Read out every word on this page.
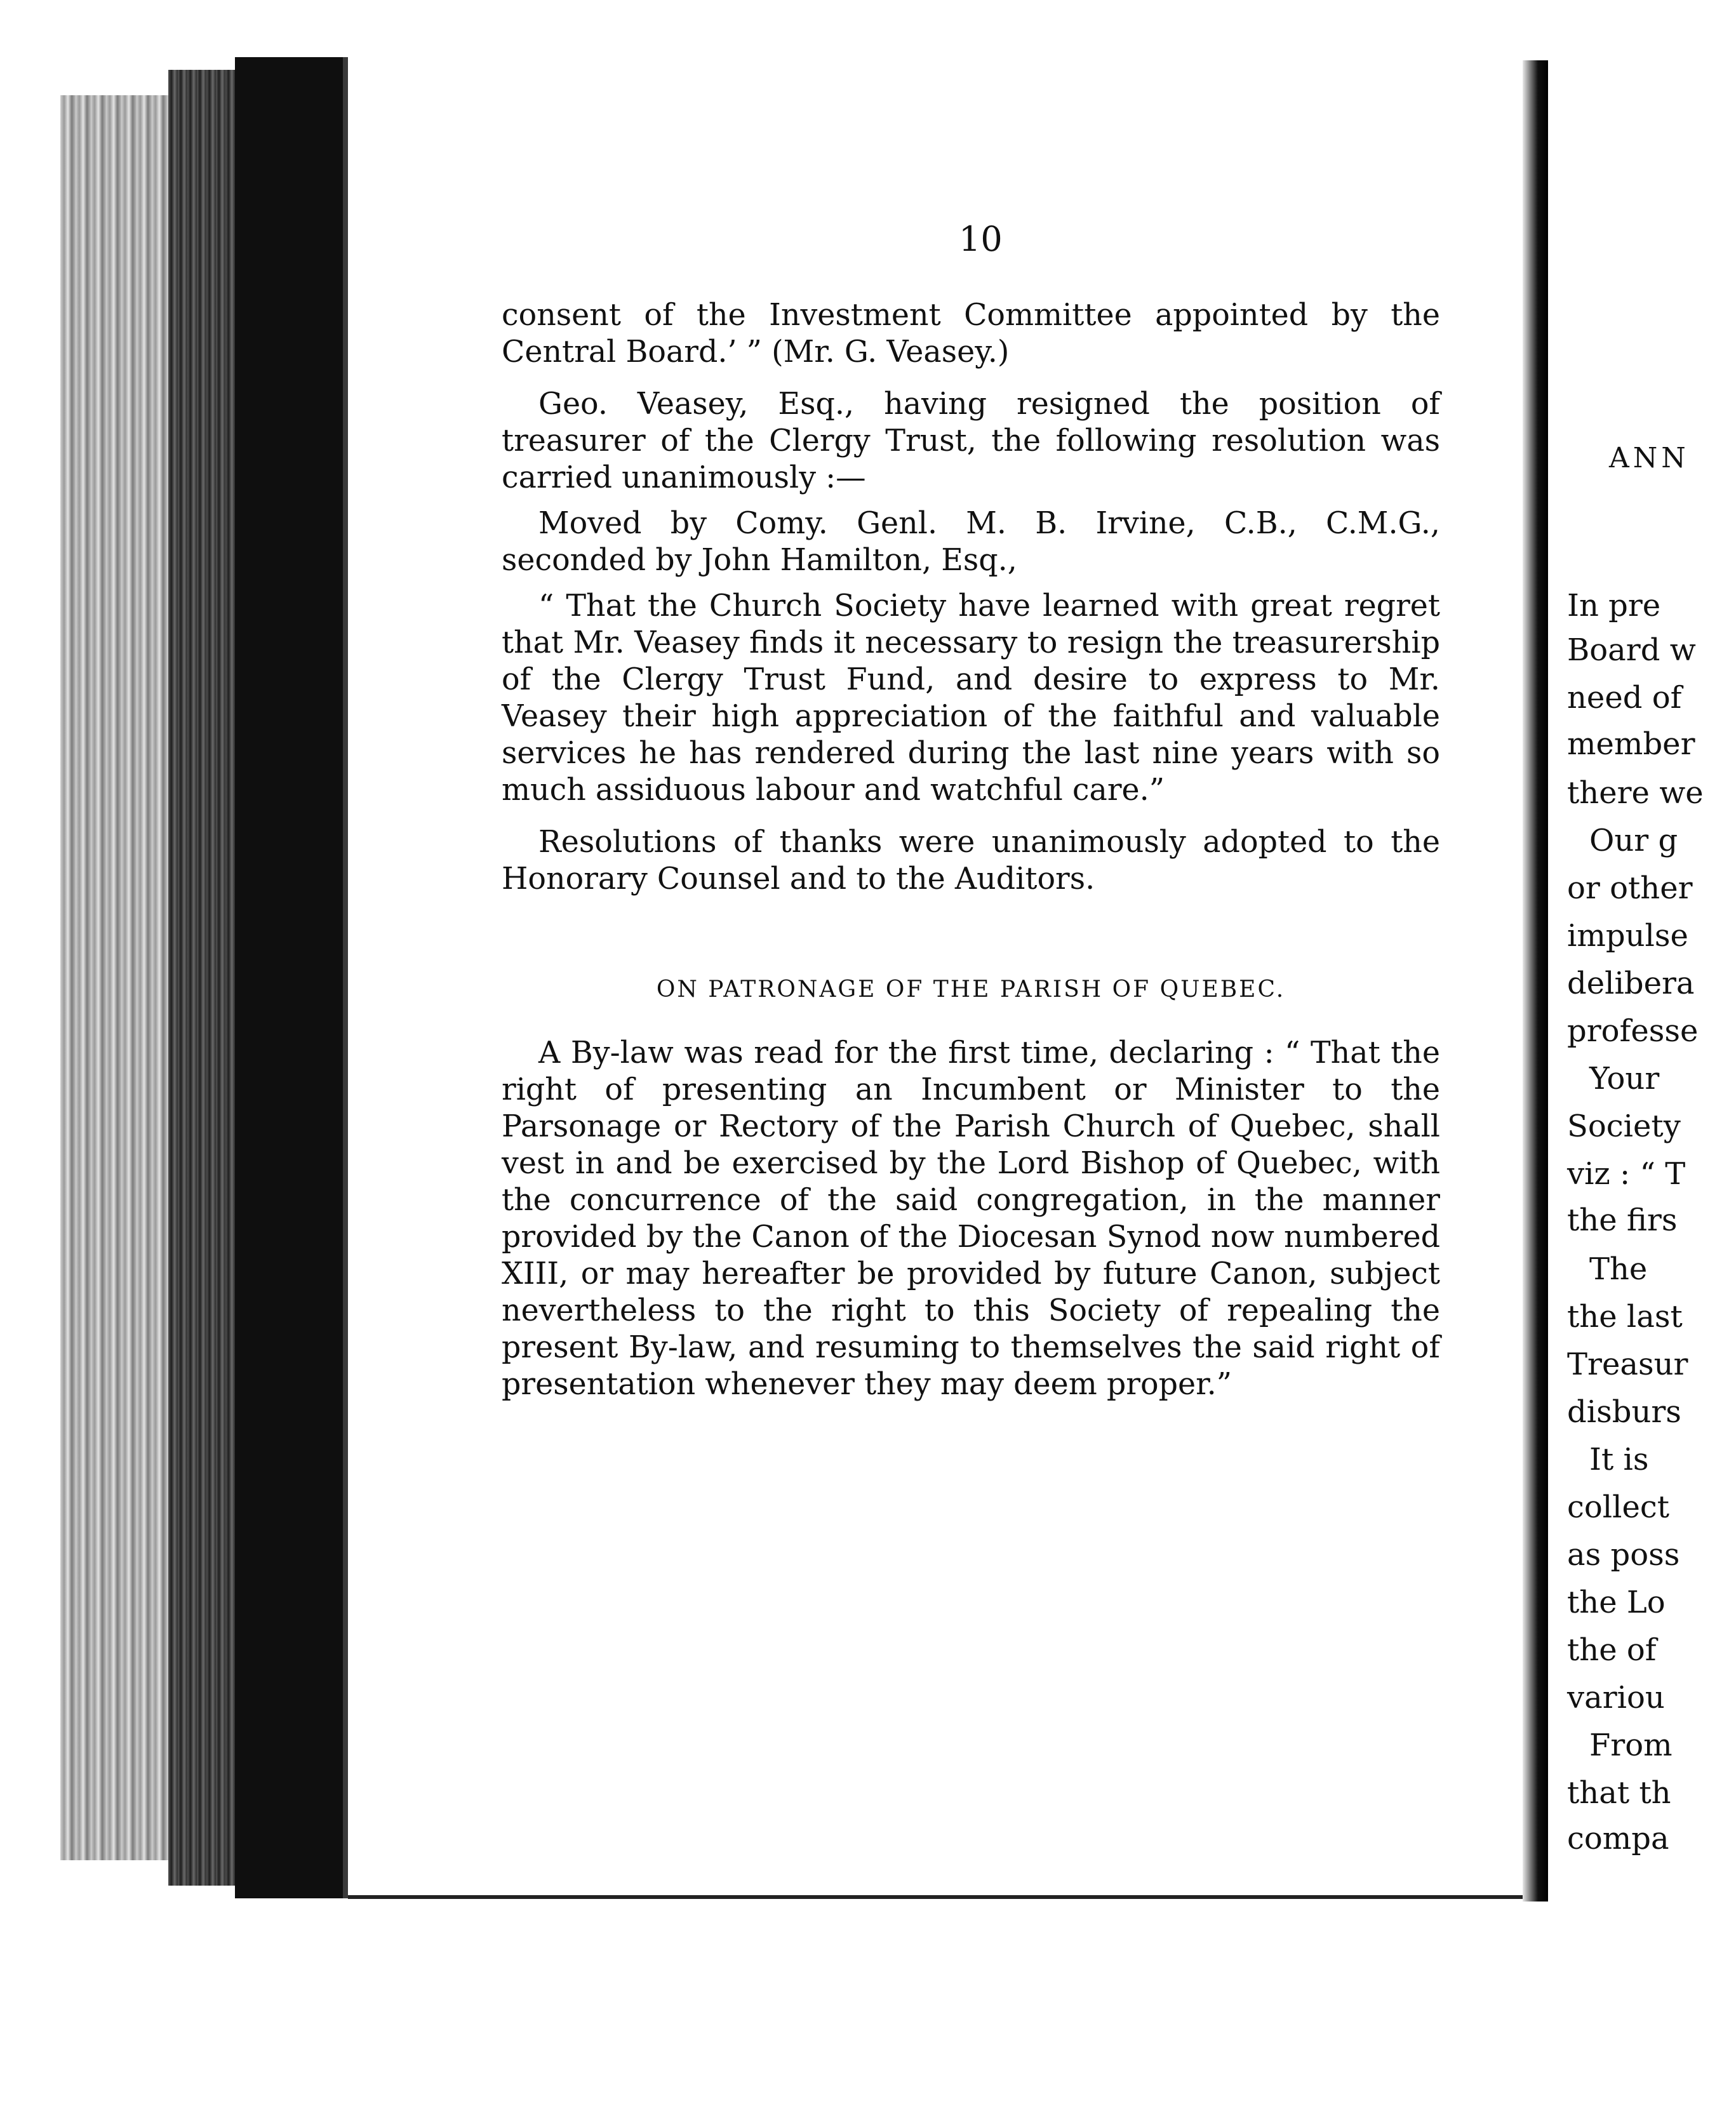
10

consent of the Investment Committee appointed by the Central Board.’ ” (Mr. G. Veasey.)

Geo. Veasey, Esq., having resigned the position of treasurer of the Clergy Trust, the following resolution was carried unanimously :—

Moved by Comy. Genl. M. B. Irvine, C.B., C.M.G., seconded by John Hamilton, Esq.,

“ That the Church Society have learned with great regret that Mr. Veasey finds it necessary to resign the treasurership of the Clergy Trust Fund, and desire to express to Mr. Veasey their high appreciation of the faithful and valuable services he has rendered during the last nine years with so much assiduous labour and watchful care.”

Resolutions of thanks were unanimously adopted to the Honorary Counsel and to the Auditors.

ON PATRONAGE OF THE PARISH OF QUEBEC.

A By-law was read for the first time, declaring : “ That the right of presenting an Incumbent or Minister to the Parsonage or Rectory of the Parish Church of Quebec, shall vest in and be exercised by the Lord Bishop of Quebec, with the concurrence of the said congregation, in the manner provided by the Canon of the Diocesan Synod now numbered XIII, or may hereafter be provided by future Canon, subject nevertheless to the right to this Society of repealing the present By-law, and resuming to themselves the said right of presentation whenever they may deem proper.”

ANN
In pre
Board w
need of
member
there we
Our g
or other
impulse
delibera
professe
Your
Society
viz : “ T
the firs
The
the last
Treasur
disburs
It is
collect
as poss
the Lo
the of
variou
From
that th
compa
